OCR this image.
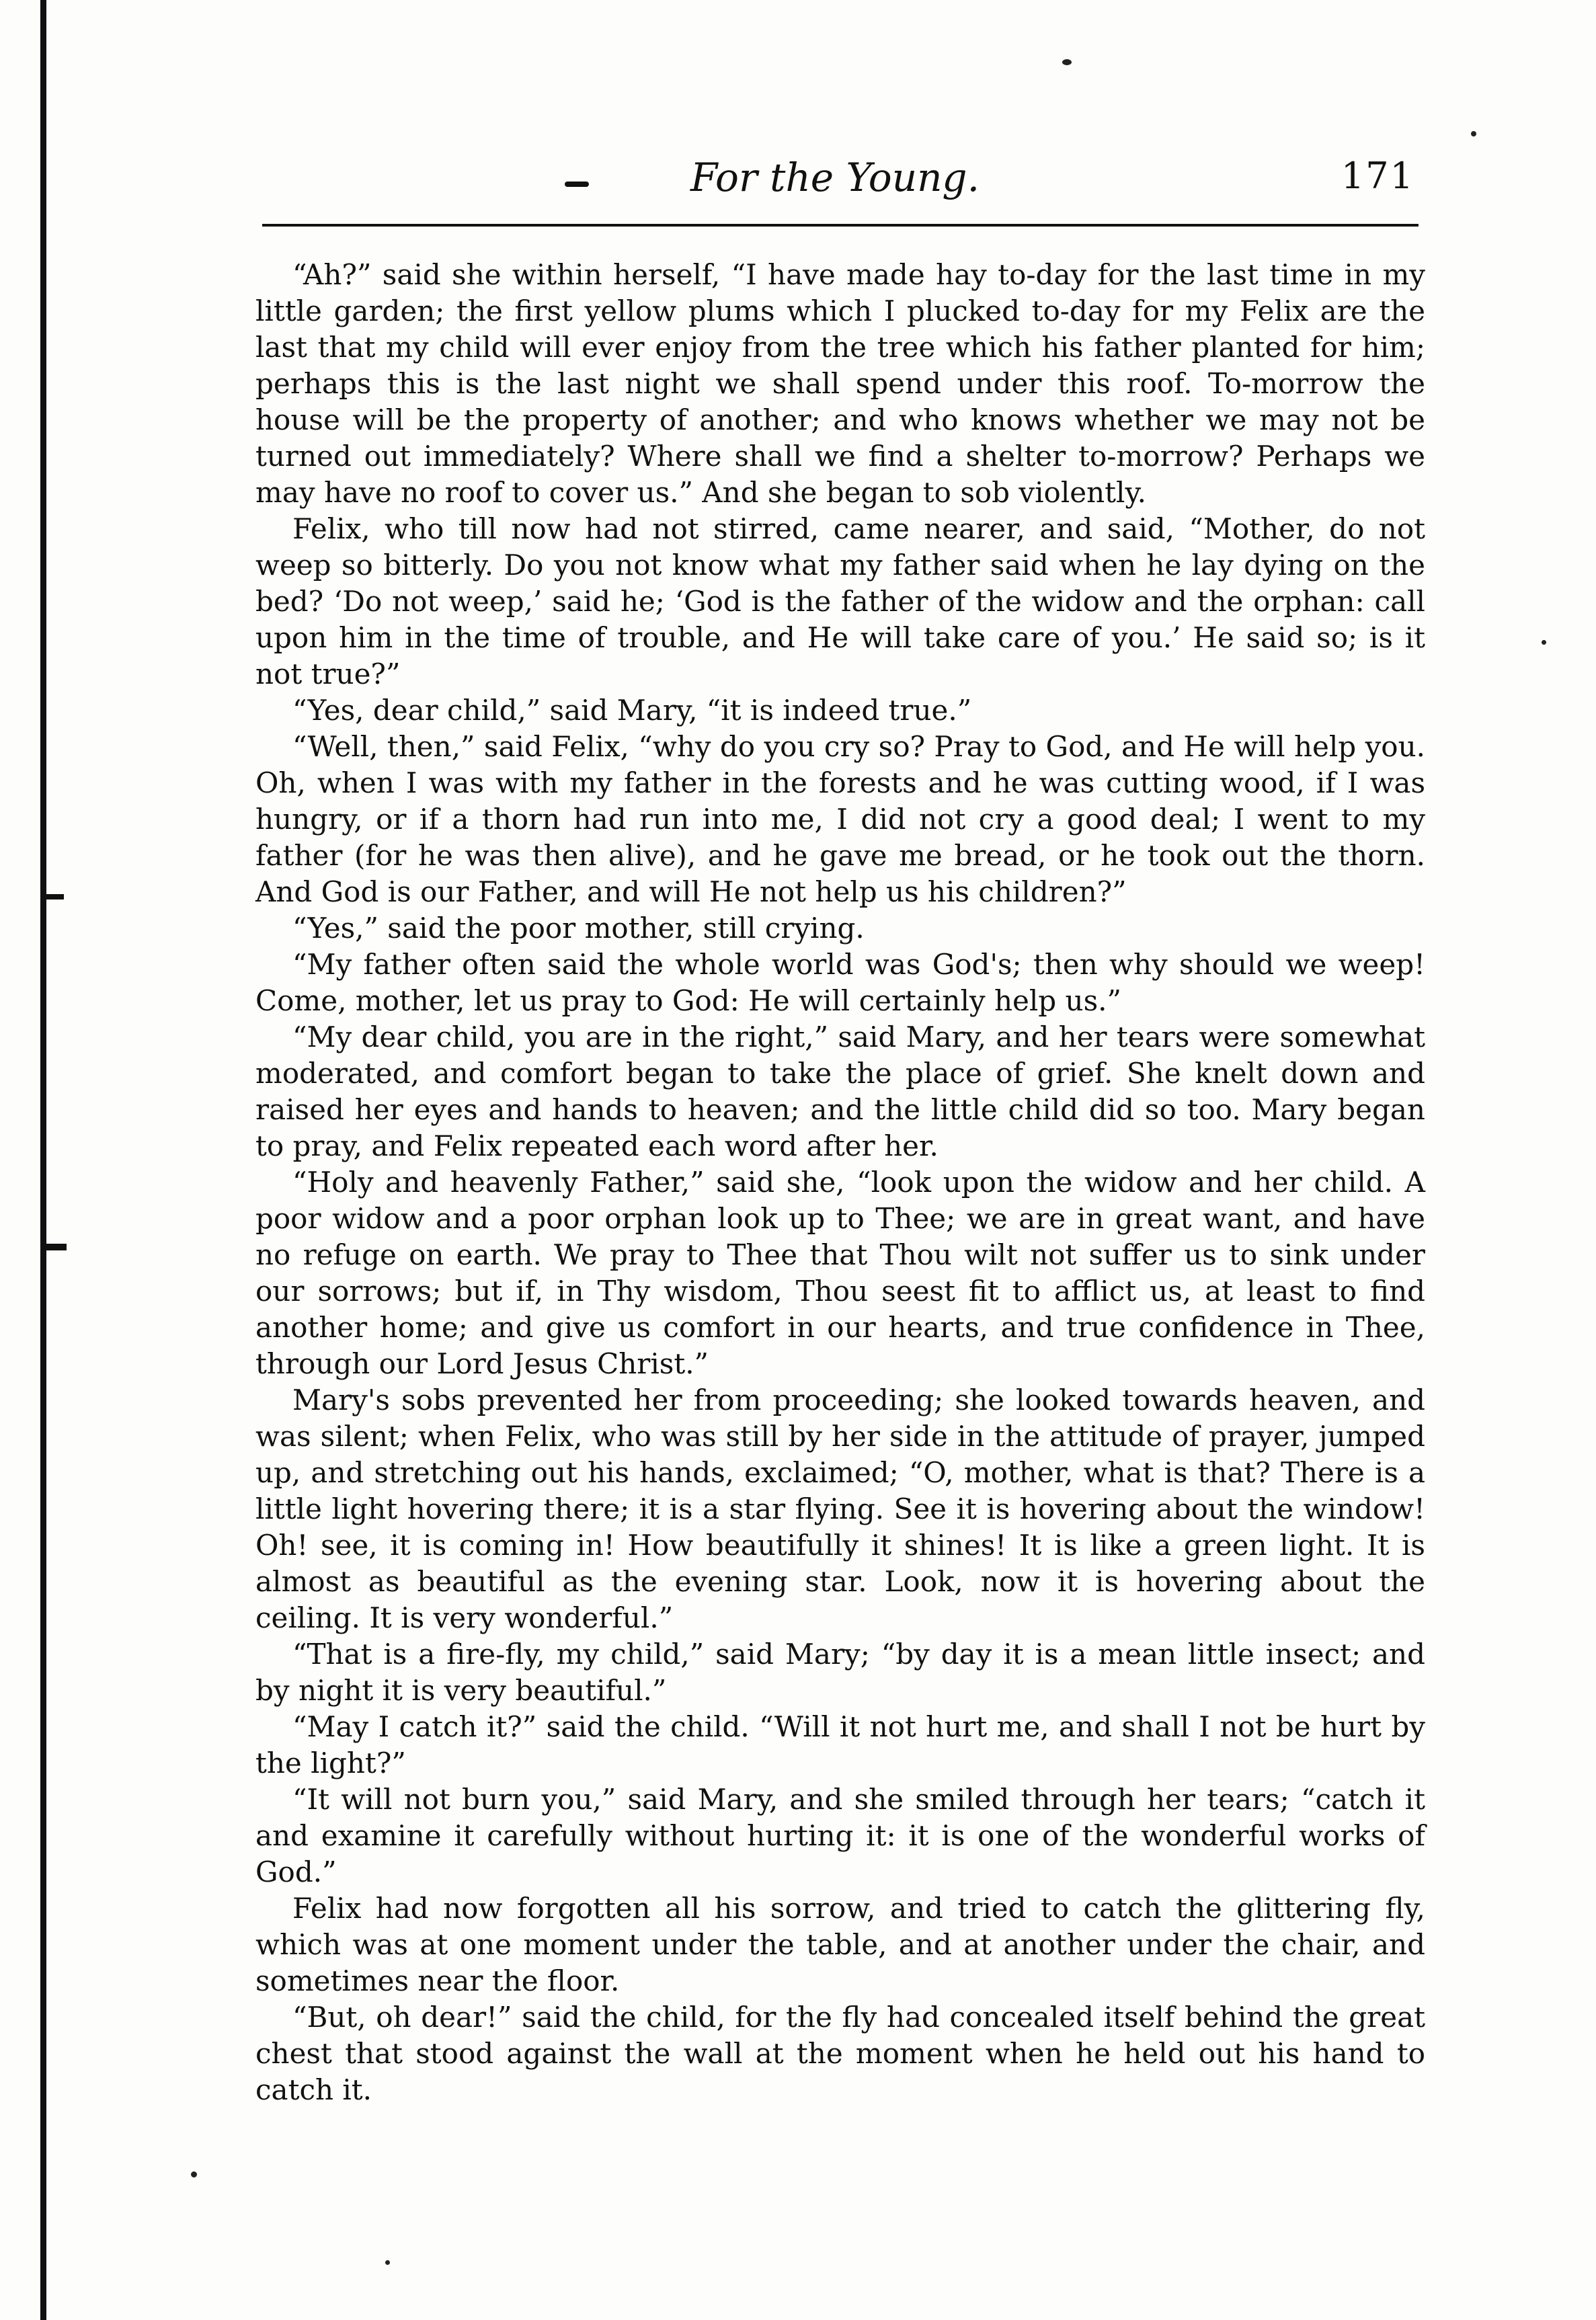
For the Young.	171

“Ah?” said she within herself, “I have made hay to-day for the last time in my little garden; the first yellow plums which I plucked to-day for my Felix are the last that my child will ever enjoy from the tree which his father planted for him; perhaps this is the last night we shall spend under this roof. To-morrow the house will be the property of another; and who knows whether we may not be turned out immediately? Where shall we find a shelter to-morrow? Perhaps we may have no roof to cover us.” And she began to sob violently.

Felix, who till now had not stirred, came nearer, and said, “Mother, do not weep so bitterly. Do you not know what my father said when he lay dying on the bed? ‘Do not weep,’ said he; ‘God is the father of the widow and the orphan: call upon him in the time of trouble, and He will take care of you.’ He said so; is it not true?”

“Yes, dear child,” said Mary, “it is indeed true.”

“Well, then,” said Felix, “why do you cry so? Pray to God, and He will help you. Oh, when I was with my father in the forests and he was cutting wood, if I was hungry, or if a thorn had run into me, I did not cry a good deal; I went to my father (for he was then alive), and he gave me bread, or he took out the thorn. And God is our Father, and will He not help us his children?”

“Yes,” said the poor mother, still crying.

“My father often said the whole world was God's; then why should we weep! Come, mother, let us pray to God: He will certainly help us.”

“My dear child, you are in the right,” said Mary, and her tears were somewhat moderated, and comfort began to take the place of grief. She knelt down and raised her eyes and hands to heaven; and the little child did so too. Mary began to pray, and Felix repeated each word after her.

“Holy and heavenly Father,” said she, “look upon the widow and her child. A poor widow and a poor orphan look up to Thee; we are in great want, and have no refuge on earth. We pray to Thee that Thou wilt not suffer us to sink under our sorrows; but if, in Thy wisdom, Thou seest fit to afflict us, at least to find another home; and give us comfort in our hearts, and true confidence in Thee, through our Lord Jesus Christ.”

Mary's sobs prevented her from proceeding; she looked towards heaven, and was silent; when Felix, who was still by her side in the attitude of prayer, jumped up, and stretching out his hands, exclaimed; “O, mother, what is that? There is a little light hovering there; it is a star flying. See it is hovering about the window! Oh! see, it is coming in! How beautifully it shines! It is like a green light. It is almost as beautiful as the evening star. Look, now it is hovering about the ceiling. It is very wonderful.”

“That is a fire-fly, my child,” said Mary; “by day it is a mean little insect; and by night it is very beautiful.”

“May I catch it?” said the child. “Will it not hurt me, and shall I not be hurt by the light?”

“It will not burn you,” said Mary, and she smiled through her tears; “catch it and examine it carefully without hurting it: it is one of the wonderful works of God.”

Felix had now forgotten all his sorrow, and tried to catch the glittering fly, which was at one moment under the table, and at another under the chair, and sometimes near the floor.

“But, oh dear!” said the child, for the fly had concealed itself behind the great chest that stood against the wall at the moment when he held out his hand to catch it.
